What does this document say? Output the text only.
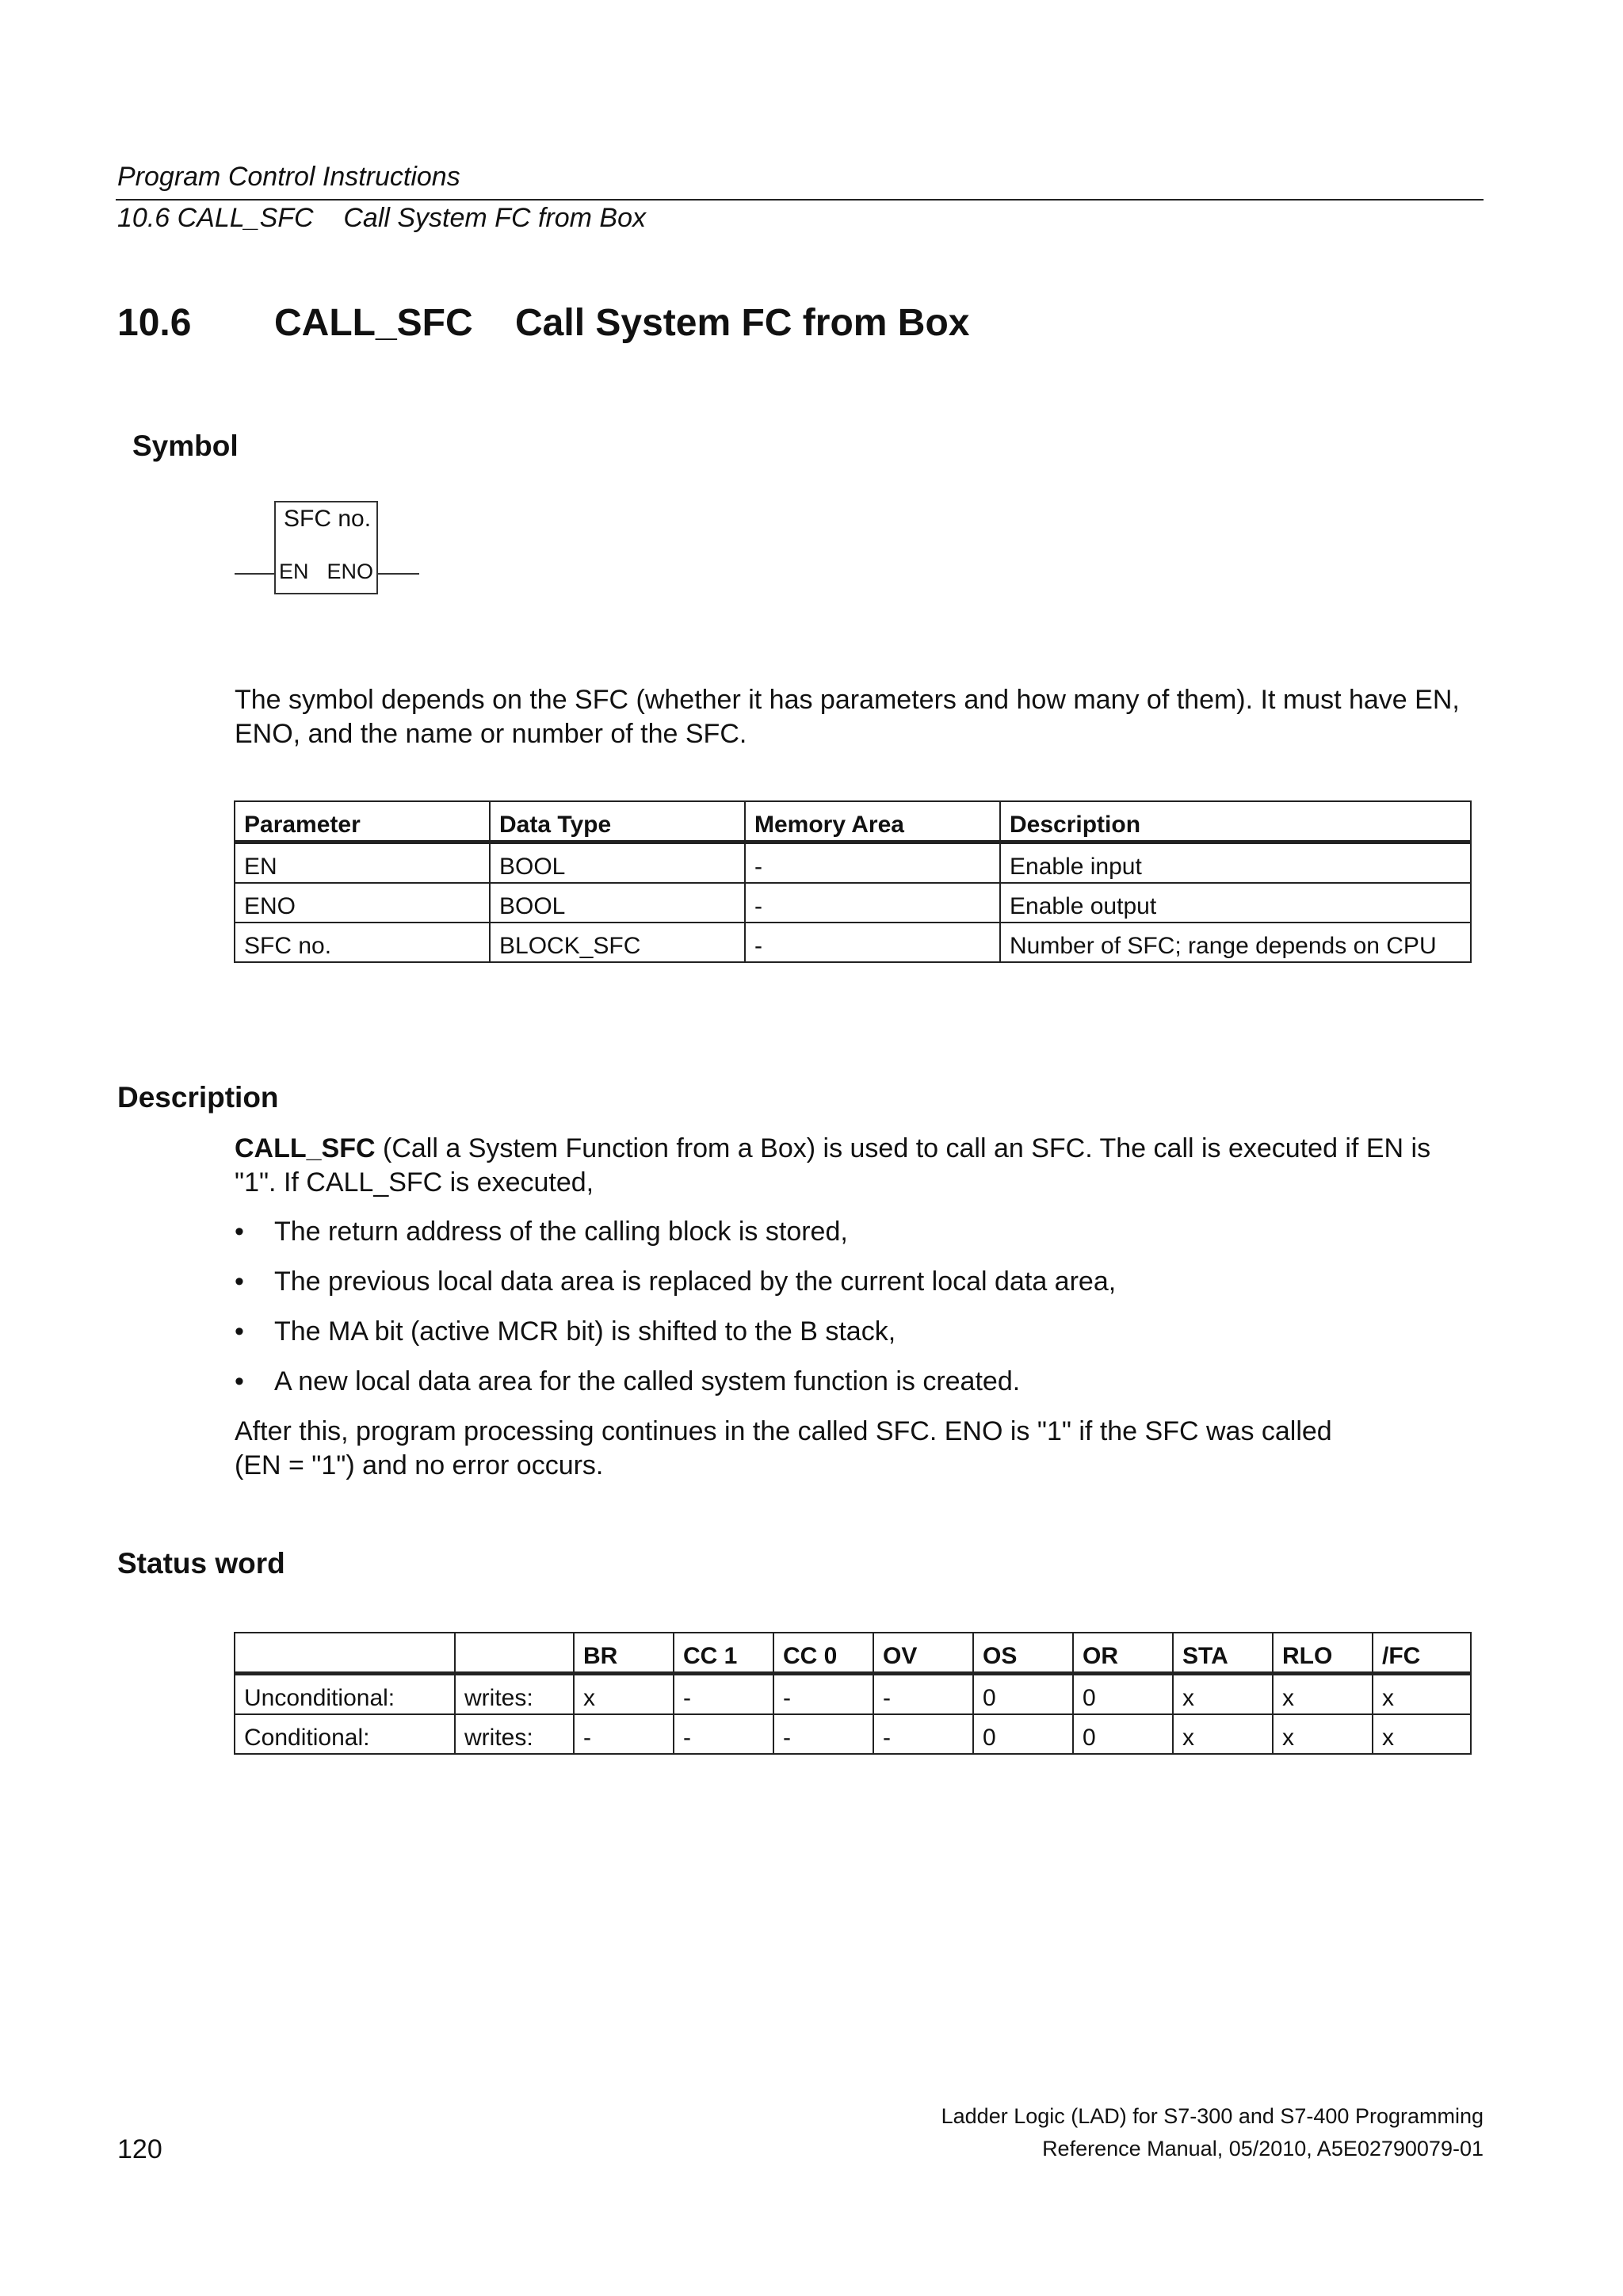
Program Control Instructions
10.6 CALL_SFC    Call System FC from Box
10.6 CALL_SFC    Call System FC from Box
Symbol
SFC no.
EN ENO
The symbol depends on the SFC (whether it has parameters and how many of them). It must have EN, ENO, and the name or number of the SFC.
Parameter	Data Type	Memory Area	Description
EN	BOOL	-	Enable input
ENO	BOOL	-	Enable output
SFC no.	BLOCK_SFC	-	Number of SFC; range depends on CPU
Description
CALL_SFC (Call a System Function from a Box) is used to call an SFC. The call is executed if EN is "1". If CALL_SFC is executed,
•	The return address of the calling block is stored,
•	The previous local data area is replaced by the current local data area,
•	The MA bit (active MCR bit) is shifted to the B stack,
•	A new local data area for the called system function is created.
After this, program processing continues in the called SFC. ENO is "1" if the SFC was called
(EN = "1") and no error occurs.
Status word
		BR	CC 1	CC 0	OV	OS	OR	STA	RLO	/FC
Unconditional:	writes:	x	-	-	-	0	0	x	x	x
Conditional:	writes:	-	-	-	-	0	0	x	x	x
120
Ladder Logic (LAD) for S7-300 and S7-400 Programming
Reference Manual, 05/2010, A5E02790079-01
